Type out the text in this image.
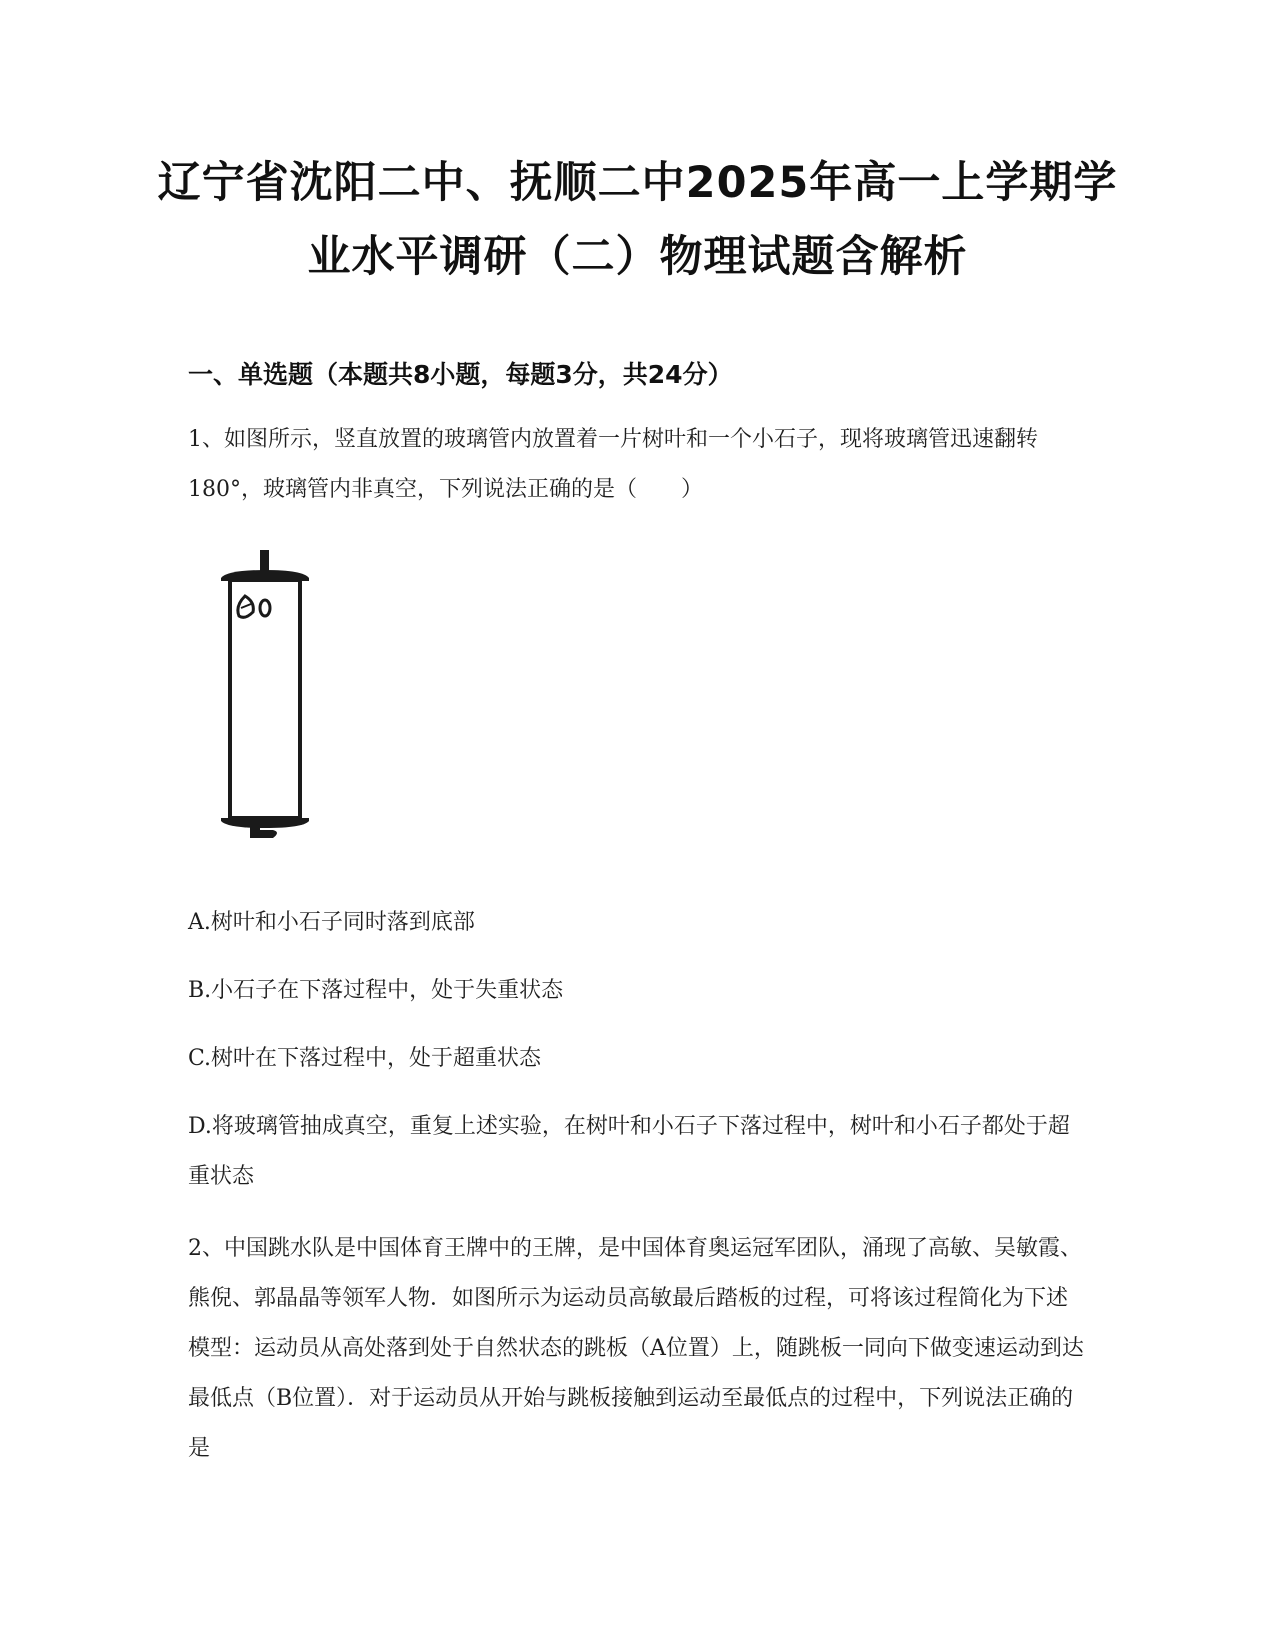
辽宁省沈阳二中、抚顺二中2025年高一上学期学业水平调研（二）物理试题含解析
一、单选题（本题共8小题，每题3分，共24分）
1、如图所示，竖直放置的玻璃管内放置着一片树叶和一个小石子，现将玻璃管迅速翻转180°，玻璃管内非真空，下列说法正确的是（　　）
A.树叶和小石子同时落到底部
B.小石子在下落过程中，处于失重状态
C.树叶在下落过程中，处于超重状态
D.将玻璃管抽成真空，重复上述实验，在树叶和小石子下落过程中，树叶和小石子都处于超重状态
2、中国跳水队是中国体育王牌中的王牌，是中国体育奥运冠军团队，涌现了高敏、吴敏霞、熊倪、郭晶晶等领军人物．如图所示为运动员高敏最后踏板的过程，可将该过程简化为下述模型：运动员从高处落到处于自然状态的跳板（A位置）上，随跳板一同向下做变速运动到达最低点（B位置）．对于运动员从开始与跳板接触到运动至最低点的过程中，下列说法正确的是
